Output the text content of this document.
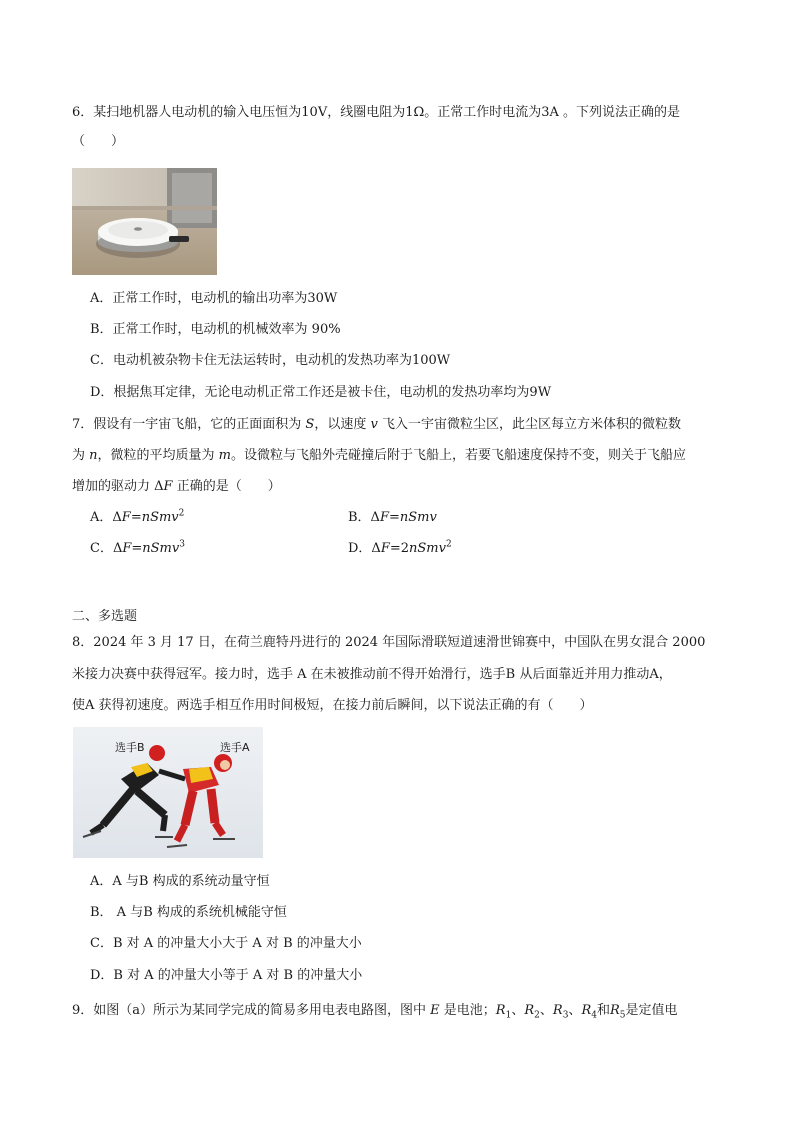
6．某扫地机器人电动机的输入电压恒为10V，线圈电阻为1Ω。正常工作时电流为3A 。下列说法正确的是
（　　）
A．正常工作时，电动机的输出功率为30W
B．正常工作时，电动机的机械效率为 90%
C．电动机被杂物卡住无法运转时，电动机的发热功率为100W
D．根据焦耳定律，无论电动机正常工作还是被卡住，电动机的发热功率均为9W
7．假设有一宇宙飞船，它的正面面积为 S，以速度 v 飞入一宇宙微粒尘区，此尘区每立方米体积的微粒数
为 n，微粒的平均质量为 m。设微粒与飞船外壳碰撞后附于飞船上，若要飞船速度保持不变，则关于飞船应
增加的驱动力 ΔF 正确的是（　　）
A．ΔF=nSmv$^2$	B．ΔF=nSmv
C．ΔF=nSmv$^3$	D．ΔF=2nSmv$^2$
二、多选题
8．2024 年 3 月 17 日，在荷兰鹿特丹进行的 2024 年国际滑联短道速滑世锦赛中，中国队在男女混合 2000
米接力决赛中获得冠军。接力时，选手 A 在未被推动前不得开始滑行，选手B 从后面靠近并用力推动A，
使A 获得初速度。两选手相互作用时间极短，在接力前后瞬间，以下说法正确的有（　　）
选手B	选手A
A．A 与B 构成的系统动量守恒
B． A 与B 构成的系统机械能守恒
C．B 对 A 的冲量大小大于 A 对 B 的冲量大小
D．B 对 A 的冲量大小等于 A 对 B 的冲量大小
9．如图（a）所示为某同学完成的简易多用电表电路图，图中 E 是电池；$R_1$、$R_2$、$R_3$、$R_4$和$R_5$是定值电
